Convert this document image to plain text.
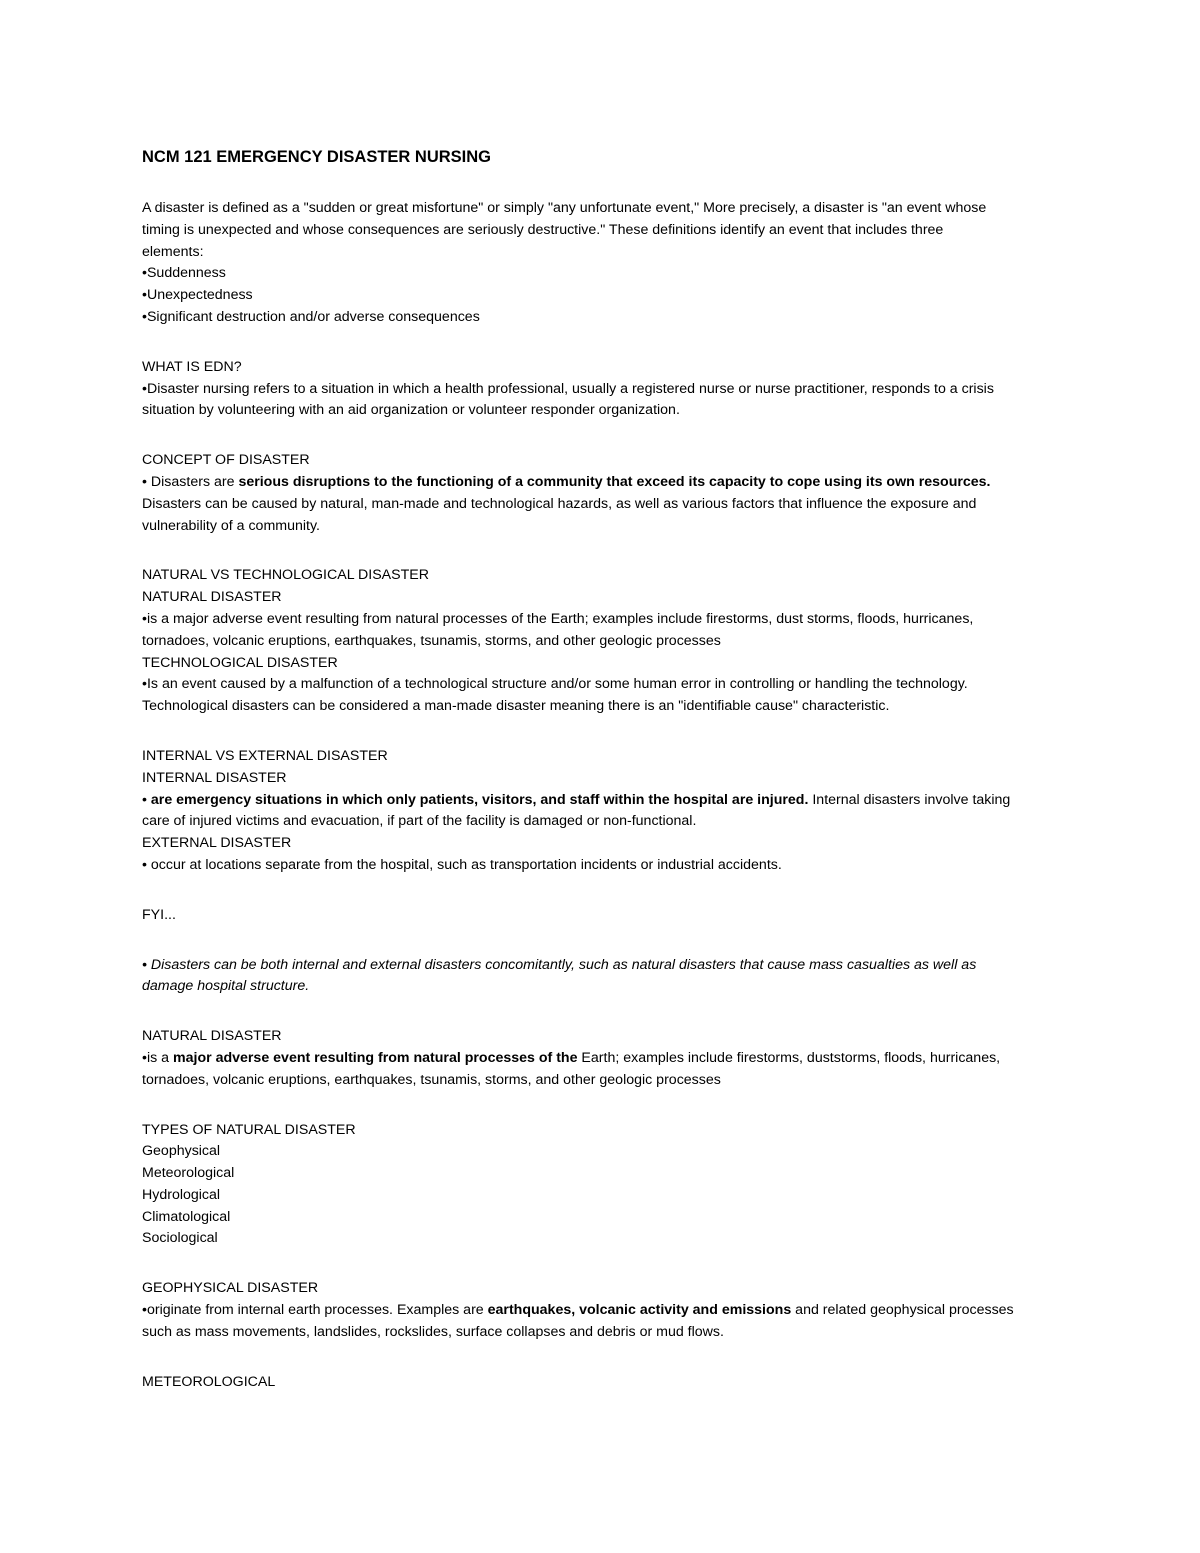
NCM 121 EMERGENCY DISASTER NURSING
A disaster is defined as a "sudden or great misfortune" or simply "any unfortunate event," More precisely, a disaster is "an event whose
timing is unexpected and whose consequences are seriously destructive." These definitions identify an event that includes three
elements:
•Suddenness
•Unexpectedness
•Significant destruction and/or adverse consequences
WHAT IS EDN?
•Disaster nursing refers to a situation in which a health professional, usually a registered nurse or nurse practitioner, responds to a crisis
situation by volunteering with an aid organization or volunteer responder organization.
CONCEPT OF DISASTER
• Disasters are serious disruptions to the functioning of a community that exceed its capacity to cope using its own resources.
Disasters can be caused by natural, man-made and technological hazards, as well as various factors that influence the exposure and
vulnerability of a community.
NATURAL VS TECHNOLOGICAL DISASTER
NATURAL DISASTER
•is a major adverse event resulting from natural processes of the Earth; examples include firestorms, dust storms, floods, hurricanes,
tornadoes, volcanic eruptions, earthquakes, tsunamis, storms, and other geologic processes
TECHNOLOGICAL DISASTER
•Is an event caused by a malfunction of a technological structure and/or some human error in controlling or handling the technology.
Technological disasters can be considered a man-made disaster meaning there is an "identifiable cause" characteristic.
INTERNAL VS EXTERNAL DISASTER
INTERNAL DISASTER
• are emergency situations in which only patients, visitors, and staff within the hospital are injured. Internal disasters involve taking
care of injured victims and evacuation, if part of the facility is damaged or non-functional.
EXTERNAL DISASTER
• occur at locations separate from the hospital, such as transportation incidents or industrial accidents.
FYI...
• Disasters can be both internal and external disasters concomitantly, such as natural disasters that cause mass casualties as well as
damage hospital structure.
NATURAL DISASTER
•is a major adverse event resulting from natural processes of the Earth; examples include firestorms, duststorms, floods, hurricanes,
tornadoes, volcanic eruptions, earthquakes, tsunamis, storms, and other geologic processes
TYPES OF NATURAL DISASTER
Geophysical
Meteorological
Hydrological
Climatological
Sociological
GEOPHYSICAL DISASTER
•originate from internal earth processes. Examples are earthquakes, volcanic activity and emissions and related geophysical processes
such as mass movements, landslides, rockslides, surface collapses and debris or mud flows.
METEOROLOGICAL
